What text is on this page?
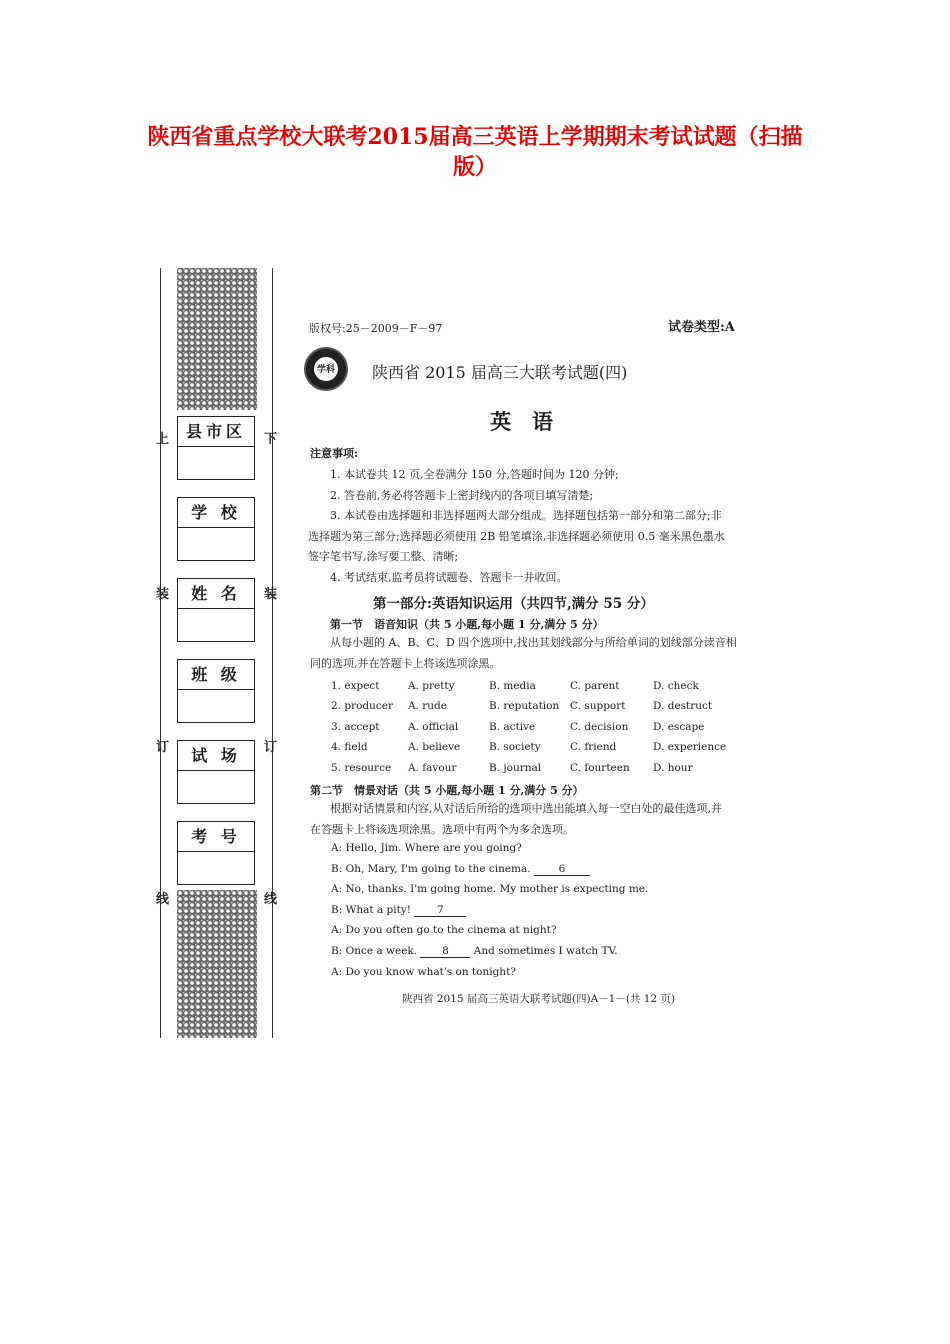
陕西省重点学校大联考2015届高三英语上学期期末考试试题（扫描
版）
上
装
订
线
下
装
订
线
县市区
学 校
姓 名
班 级
试 场
考 号
版权号:25－2009－F－97	试卷类型:A
学科 陕西省 2015 届高三大联考试题(四)
英　语
注意事项:
1. 本试卷共 12 页,全卷满分 150 分,答题时间为 120 分钟;
2. 答卷前,务必将答题卡上密封线内的各项目填写清楚;
3. 本试卷由选择题和非选择题两大部分组成。选择题包括第一部分和第二部分;非
选择题为第三部分;选择题必须使用 2B 铅笔填涂,非选择题必须使用 0.5 毫米黑色墨水
签字笔书写,涂写要工整、清晰;
4. 考试结束,监考员将试题卷、答题卡一并收回。
第一部分:英语知识运用（共四节,满分 55 分）
第一节　语音知识（共 5 小题,每小题 1 分,满分 5 分）
从每小题的 A、B、C、D 四个选项中,找出其划线部分与所给单词的划线部分读音相
同的选项,并在答题卡上将该选项涂黑。
1. expect	A. pretty	B. media	C. parent	D. check
2. producer A. rude	B. reputation C. support	D. destruct
3. accept	A. official	B. active	C. decision D. escape
4. field	A. believe	B. society	C. friend	D. experience
5. resource A. favour	B. journal	C. fourteen D. hour
第二节　情景对话（共 5 小题,每小题 1 分,满分 5 分）
根据对话情景和内容,从对话后所给的选项中选出能填入每一空白处的最佳选项,并
在答题卡上将该选项涂黑。选项中有两个为多余选项。
A: Hello, Jim. Where are you going?
B: Oh, Mary, I'm going to the cinema. 6
A: No, thanks. I'm going home. My mother is expecting me.
B: What a pity! 7
A: Do you often go to the cinema at night?
B: Once a week. 8 And sometimes I watch TV.
A: Do you know what's on tonight?
陕西省 2015 届高三英语大联考试题(四)A－1－(共 12 页)
